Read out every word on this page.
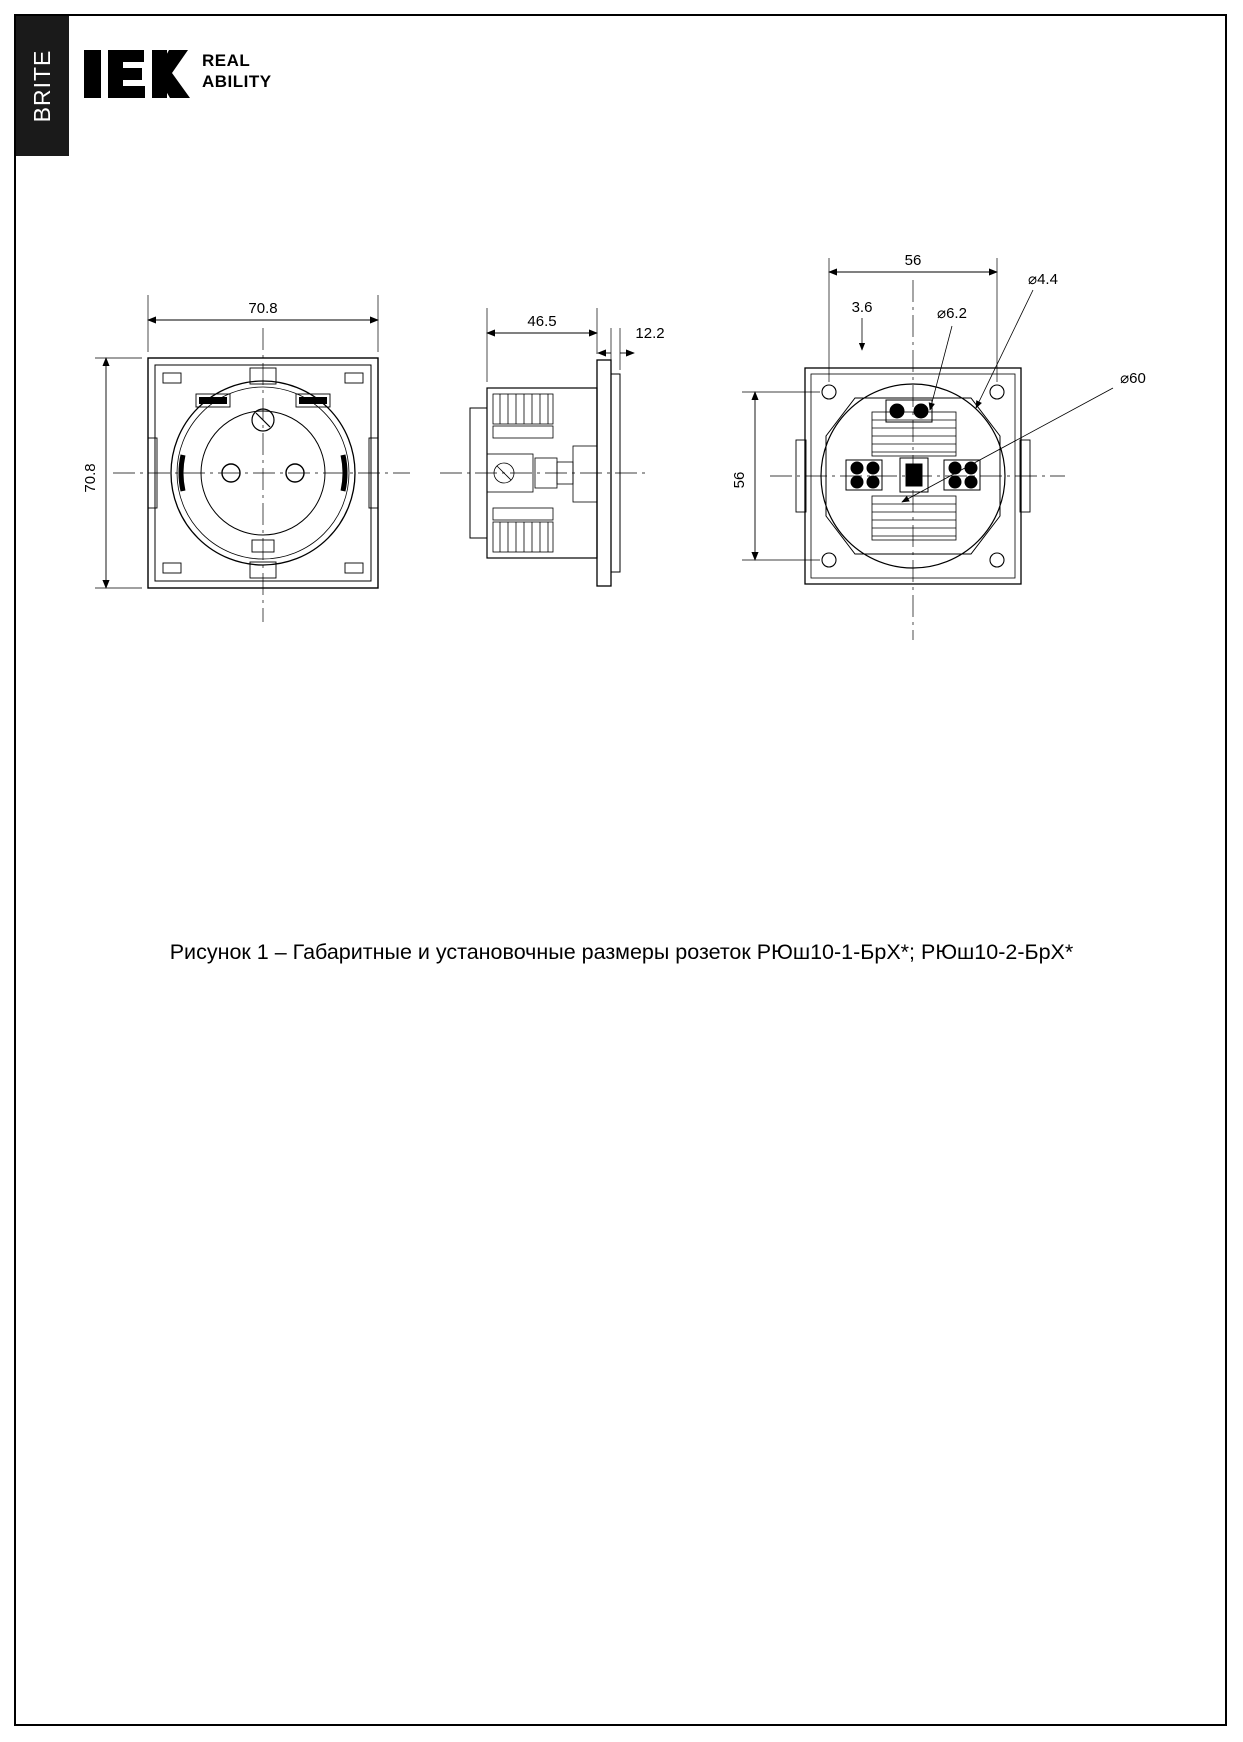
BRITE	REAL
ABILITY
70.8
70.8
46.5
12.2
56
56
3.6	⌀6.2
⌀4.4
⌀60
Рисунок 1 – Габаритные и установочные размеры розеток РЮш10-1-БрX*; РЮш10-2-БрX*
